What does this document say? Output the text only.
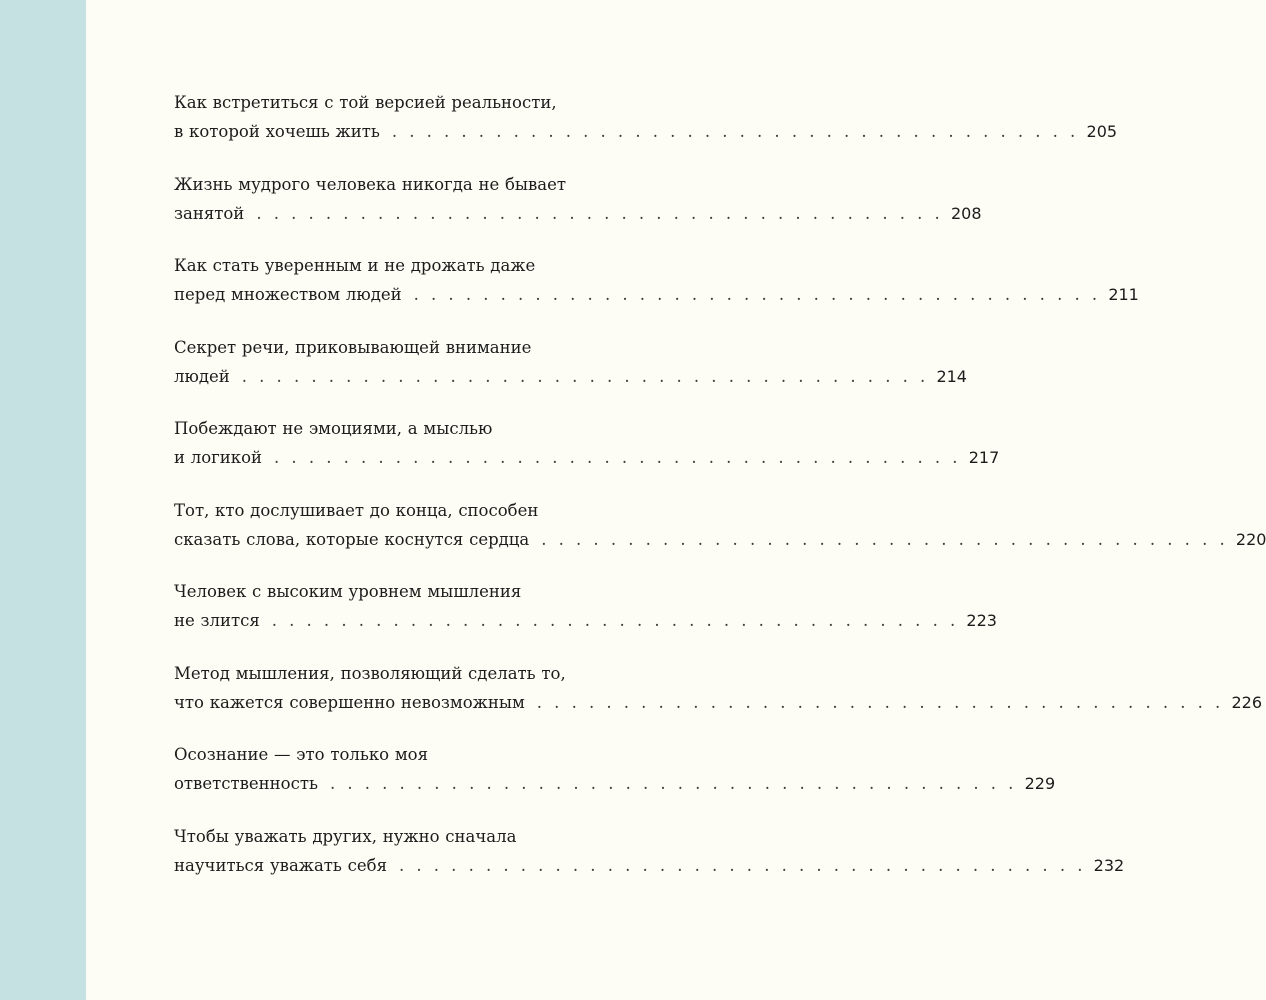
Как встретиться с той версией реальности,
в которой хочешь жить . . . . . . . . . . . . . . . . . . . . . . . . . . . . . . . . . . . . . . . . 205
Жизнь мудрого человека никогда не бывает
занятой . . . . . . . . . . . . . . . . . . . . . . . . . . . . . . . . . . . . . . . . 208
Как стать уверенным и не дрожать даже
перед множеством людей . . . . . . . . . . . . . . . . . . . . . . . . . . . . . . . . . . . . . . . . 211
Секрет речи, приковывающей внимание
людей . . . . . . . . . . . . . . . . . . . . . . . . . . . . . . . . . . . . . . . . 214
Побеждают не эмоциями, а мыслью
и логикой . . . . . . . . . . . . . . . . . . . . . . . . . . . . . . . . . . . . . . . . 217
Тот, кто дослушивает до конца, способен
сказать слова, которые коснутся сердца . . . . . . . . . . . . . . . . . . . . . . . . . . . . . . . . . . . . . . . . 220
Человек с высоким уровнем мышления
не злится . . . . . . . . . . . . . . . . . . . . . . . . . . . . . . . . . . . . . . . . 223
Метод мышления, позволяющий сделать то,
что кажется совершенно невозможным . . . . . . . . . . . . . . . . . . . . . . . . . . . . . . . . . . . . . . . . 226
Осознание — это только моя
ответственность . . . . . . . . . . . . . . . . . . . . . . . . . . . . . . . . . . . . . . . . 229
Чтобы уважать других, нужно сначала
научиться уважать себя . . . . . . . . . . . . . . . . . . . . . . . . . . . . . . . . . . . . . . . . 232
